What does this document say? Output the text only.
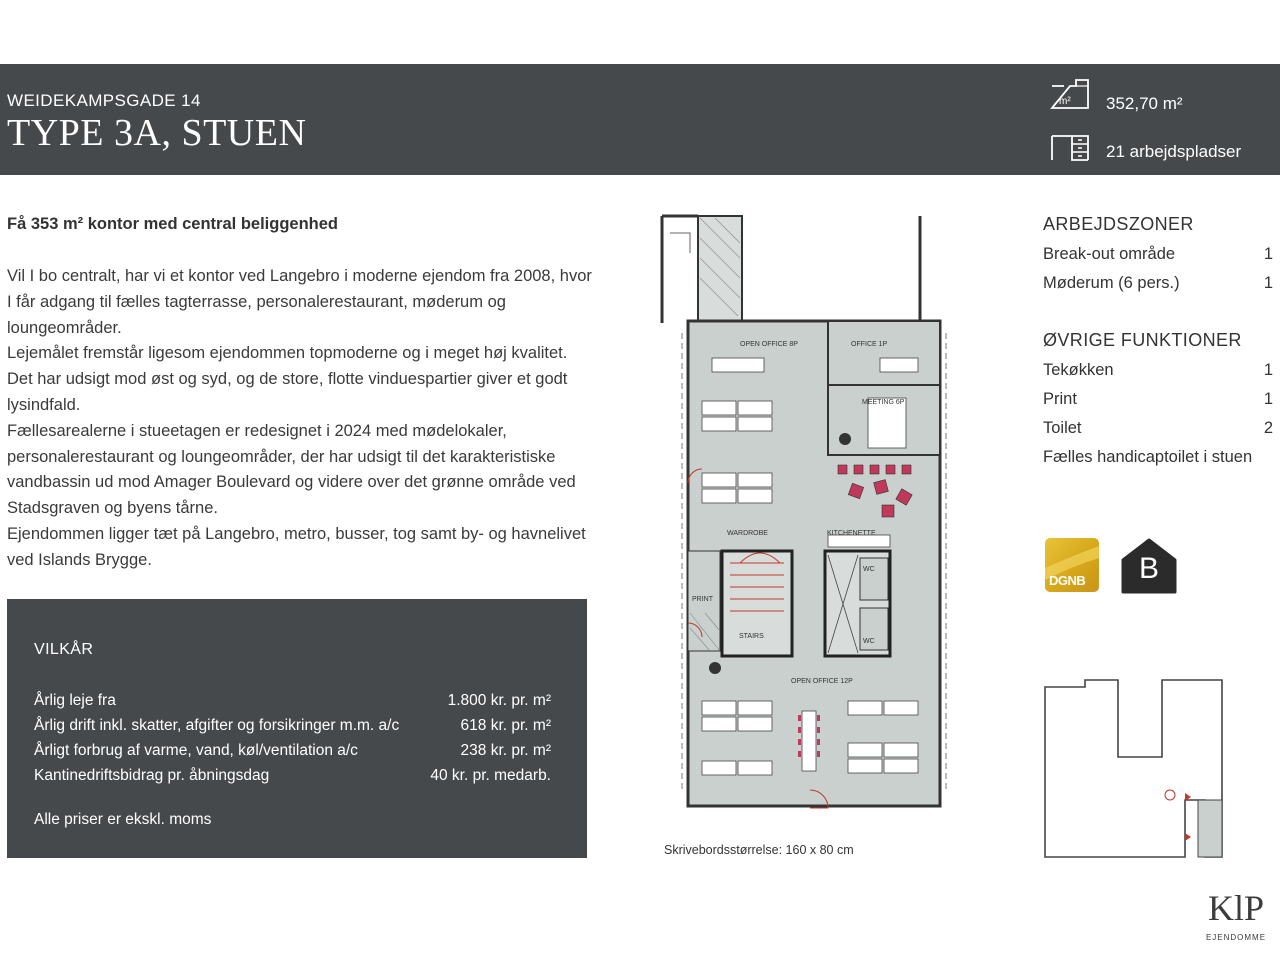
WEIDEKAMPSGADE 14
TYPE 3A, STUEN
m² 352,70 m²
21 arbejdspladser
Få 353 m² kontor med central beliggenhed

Vil I bo centralt, har vi et kontor ved Langebro i moderne ejendom fra 2008, hvor I får adgang til fælles tagterrasse, personalerestaurant, møderum og loungeområder.

Lejemålet fremstår ligesom ejendommen topmoderne og i meget høj kvalitet. Det har udsigt mod øst og syd, og de store, flotte vinduespartier giver et godt lysindfald.

Fællesarealerne i stueetagen er redesignet i 2024 med mødelokaler, personalerestaurant og loungeområder, der har udsigt til det karakteristiske vandbassin ud mod Amager Boulevard og videre over det grønne område ved Stadsgraven og byens tårne.

Ejendommen ligger tæt på Langebro, metro, busser, tog samt by- og havnelivet ved Islands Brygge.

VILKÅR
Årlig leje fra	1.800 kr. pr. m²
Årlig drift inkl. skatter, afgifter og forsikringer m.m. a/c	618 kr. pr. m²
Årligt forbrug af varme, vand, køl/ventilation a/c	238 kr. pr. m²
Kantinedriftsbidrag pr. åbningsdag	40 kr. pr. medarb.
Alle priser er ekskl. moms
OPEN OFFICE 8P	OFFICE 1P
MEETING 6P
WARDROBE	KITCHENETTE
PRINT
STAIRS
WC
WC
OPEN OFFICE 12P
Skrivebordsstørrelse: 160 x 80 cm
ARBEJDSZONER
Break-out område	1
Møderum (6 pers.)	1
ØVRIGE FUNKTIONER
Tekøkken	1
Print	1
Toilet	2
Fælles handicaptoilet i stuen
DGNB	B
KlP
EJENDOMME
